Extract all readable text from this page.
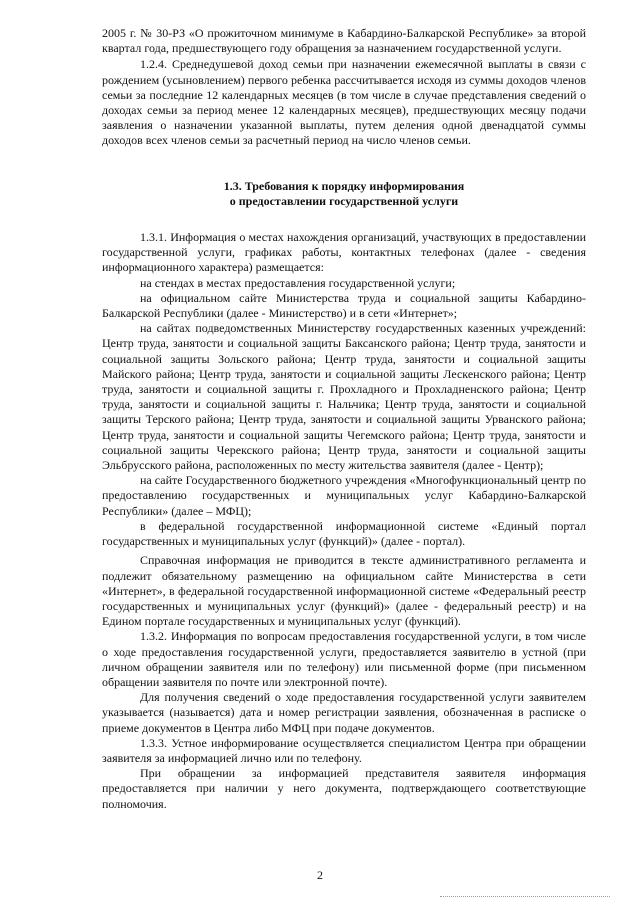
2005 г. № 30-РЗ «О прожиточном минимуме в Кабардино-Балкарской Республике» за второй квартал года, предшествующего году обращения за назначением государственной услуги.

1.2.4. Среднедушевой доход семьи при назначении ежемесячной выплаты в связи с рождением (усыновлением) первого ребенка рассчитывается исходя из суммы доходов членов семьи за последние 12 календарных месяцев (в том числе в случае представления сведений о доходах семьи за период менее 12 календарных месяцев), предшествующих месяцу подачи заявления о назначении указанной выплаты, путем деления одной двенадцатой суммы доходов всех членов семьи за расчетный период на число членов семьи.

1.3. Требования к порядку информирования
о предоставлении государственной услуги

1.3.1. Информация о местах нахождения организаций, участвующих в предоставлении государственной услуги, графиках работы, контактных телефонах (далее - сведения информационного характера) размещается:

на стендах в местах предоставления государственной услуги;

на официальном сайте Министерства труда и социальной защиты Кабардино-Балкарской Республики (далее - Министерство) и в сети «Интернет»;

на сайтах подведомственных Министерству государственных казенных учреждений: Центр труда, занятости и социальной защиты Баксанского района; Центр труда, занятости и социальной защиты Зольского района; Центр труда, занятости и социальной защиты Майского района; Центр труда, занятости и социальной защиты Лескенского района; Центр труда, занятости и социальной защиты г. Прохладного и Прохладненского района; Центр труда, занятости и социальной защиты г. Нальчика; Центр труда, занятости и социальной защиты Терского района; Центр труда, занятости и социальной защиты Урванского района; Центр труда, занятости и социальной защиты Чегемского района; Центр труда, занятости и социальной защиты Черекского района; Центр труда, занятости и социальной защиты Эльбрусского района, расположенных по месту жительства заявителя (далее - Центр);

на сайте Государственного бюджетного учреждения «Многофункциональный центр по предоставлению государственных и муниципальных услуг Кабардино-Балкарской Республики» (далее – МФЦ);

в федеральной государственной информационной системе «Единый портал государственных и муниципальных услуг (функций)» (далее - портал).

Справочная информация не приводится в тексте административного регламента и подлежит обязательному размещению на официальном сайте Министерства в сети «Интернет», в федеральной государственной информационной системе «Федеральный реестр государственных и муниципальных услуг (функций)» (далее - федеральный реестр) и на Едином портале государственных и муниципальных услуг (функций).

1.3.2. Информация по вопросам предоставления государственной услуги, в том числе о ходе предоставления государственной услуги, предоставляется заявителю в устной (при личном обращении заявителя или по телефону) или письменной форме (при письменном обращении заявителя по почте или электронной почте).

Для получения сведений о ходе предоставления государственной услуги заявителем указывается (называется) дата и номер регистрации заявления, обозначенная в расписке о приеме документов в Центра либо МФЦ при подаче документов.

1.3.3. Устное информирование осуществляется специалистом Центра при обращении заявителя за информацией лично или по телефону.

При обращении за информацией представителя заявителя информация предоставляется при наличии у него документа, подтверждающего соответствующие полномочия.

2
